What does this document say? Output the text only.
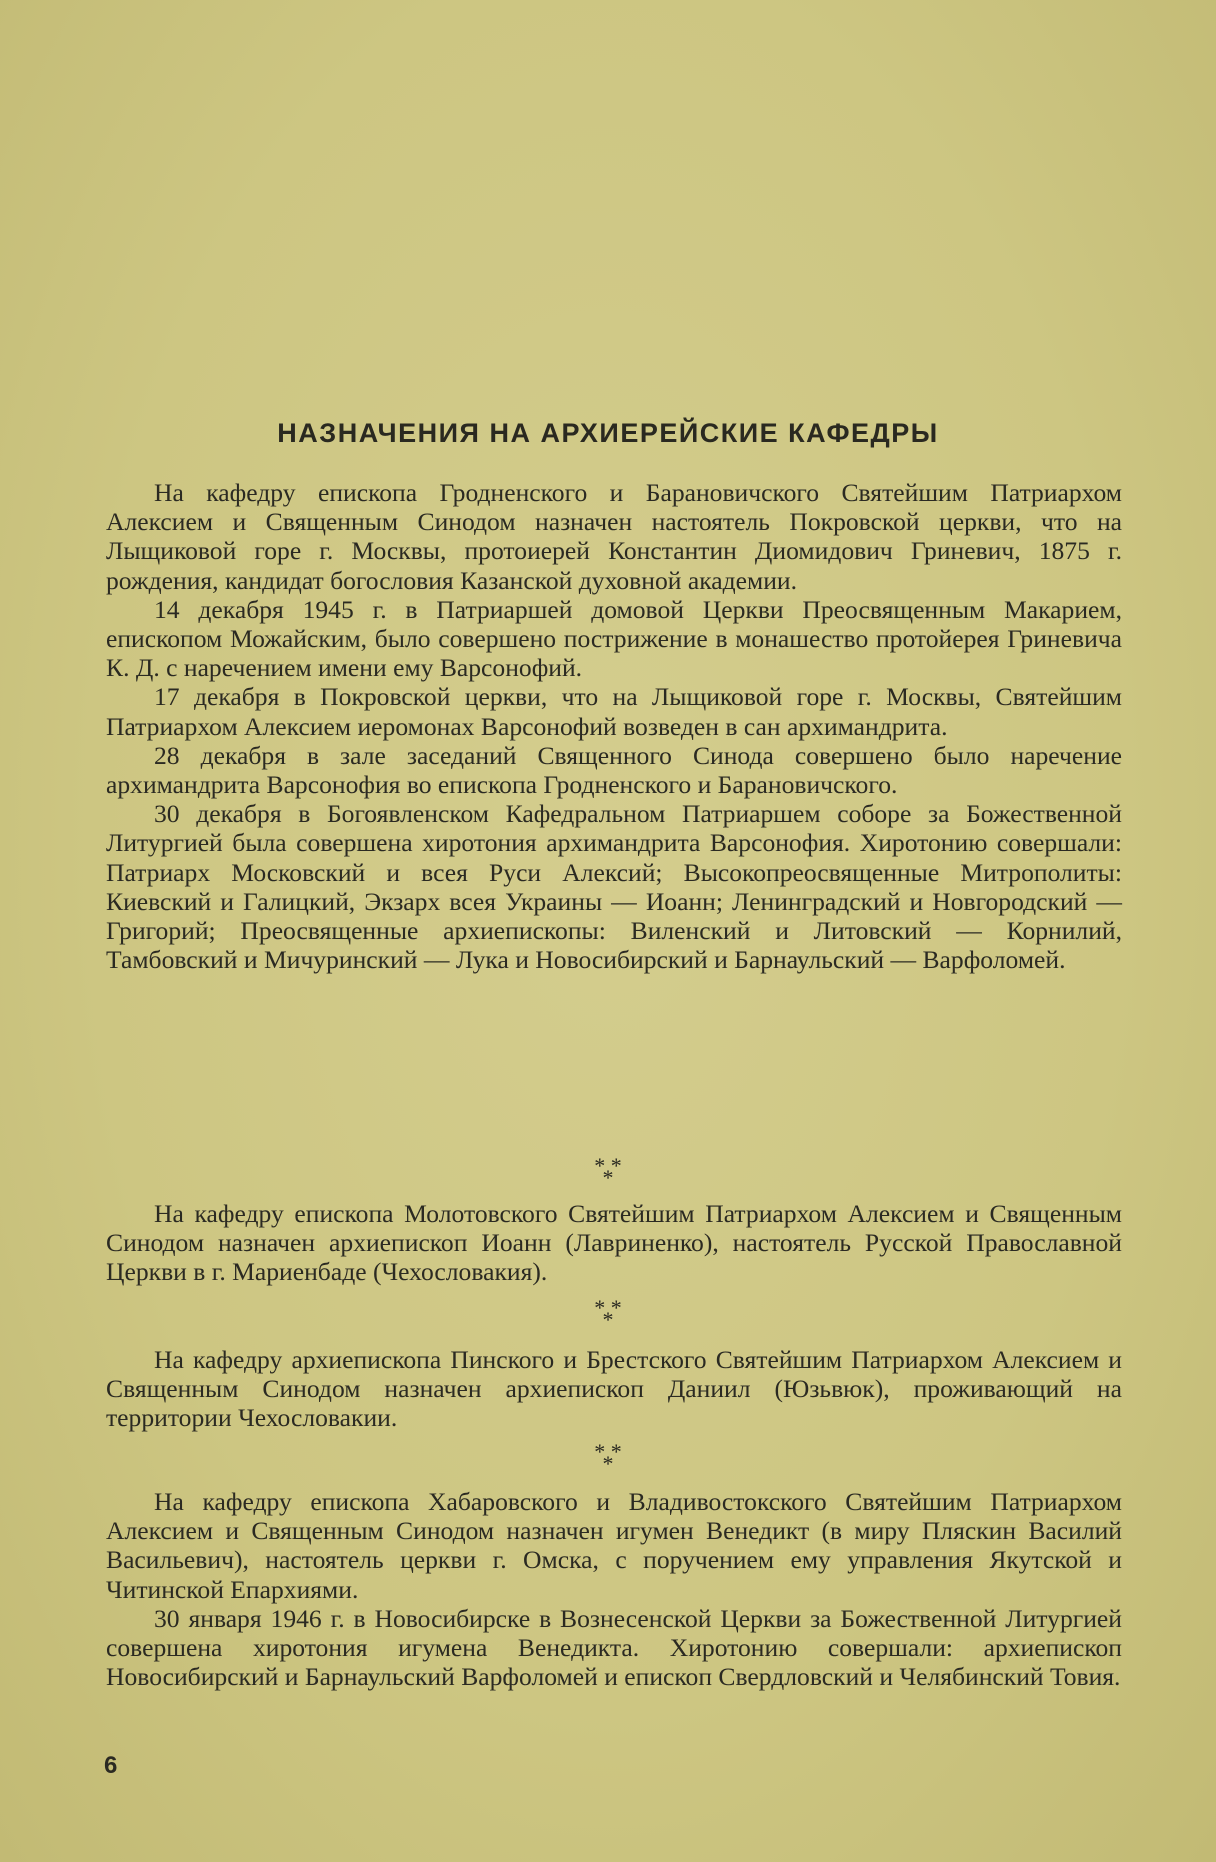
НАЗНАЧЕНИЯ НА АРХИЕРЕЙСКИЕ КАФЕДРЫ

На кафедру епископа Гродненского и Барановичского Святейшим Патриархом Алексием и Священным Синодом назначен настоятель Покровской церкви, что на Лыщиковой горе г. Москвы, протоиерей Константин Диомидович Гриневич, 1875 г. рождения, кандидат богословия Казанской духовной академии.

14 декабря 1945 г. в Патриаршей домовой Церкви Преосвященным Макарием, епископом Можайским, было совершено пострижение в монашество протойерея Гриневича К. Д. с наречением имени ему Варсонофий.

17 декабря в Покровской церкви, что на Лыщиковой горе г. Москвы, Святейшим Патриархом Алексием иеромонах Варсонофий возведен в сан архимандрита.

28 декабря в зале заседаний Священного Синода совершено было наречение архимандрита Варсонофия во епископа Гродненского и Барановичского.

30 декабря в Богоявленском Кафедральном Патриаршем соборе за Божественной Литургией была совершена хиротония архимандрита Варсонофия. Хиротонию совершали: Патриарх Московский и всея Руси Алексий; Высокопреосвященные Митрополиты: Киевский и Галицкий, Экзарх всея Украины — Иоанн; Ленинградский и Новгородский — Григорий; Преосвященные архиепископы: Виленский и Литовский — Корнилий, Тамбовский и Мичуринский — Лука и Новосибирский и Барнаульский — Варфоломей.

* *
*

На кафедру епископа Молотовского Святейшим Патриархом Алексием и Священным Синодом назначен архиепископ Иоанн (Лавриненко), настоятель Русской Православной Церкви в г. Мариенбаде (Чехословакия).

* *
*

На кафедру архиепископа Пинского и Брестского Святейшим Патриархом Алексием и Священным Синодом назначен архиепископ Даниил (Юзьвюк), проживающий на территории Чехословакии.

* *
*

На кафедру епископа Хабаровского и Владивостокского Святейшим Патриархом Алексием и Священным Синодом назначен игумен Венедикт (в миру Пляскин Василий Васильевич), настоятель церкви г. Омска, с поручением ему управления Якутской и Читинской Епархиями.

30 января 1946 г. в Новосибирске в Вознесенской Церкви за Божественной Литургией совершена хиротония игумена Венедикта. Хиротонию совершали: архиепископ Новосибирский и Барнаульский Варфоломей и епископ Свердловский и Челябинский Товия.

6
